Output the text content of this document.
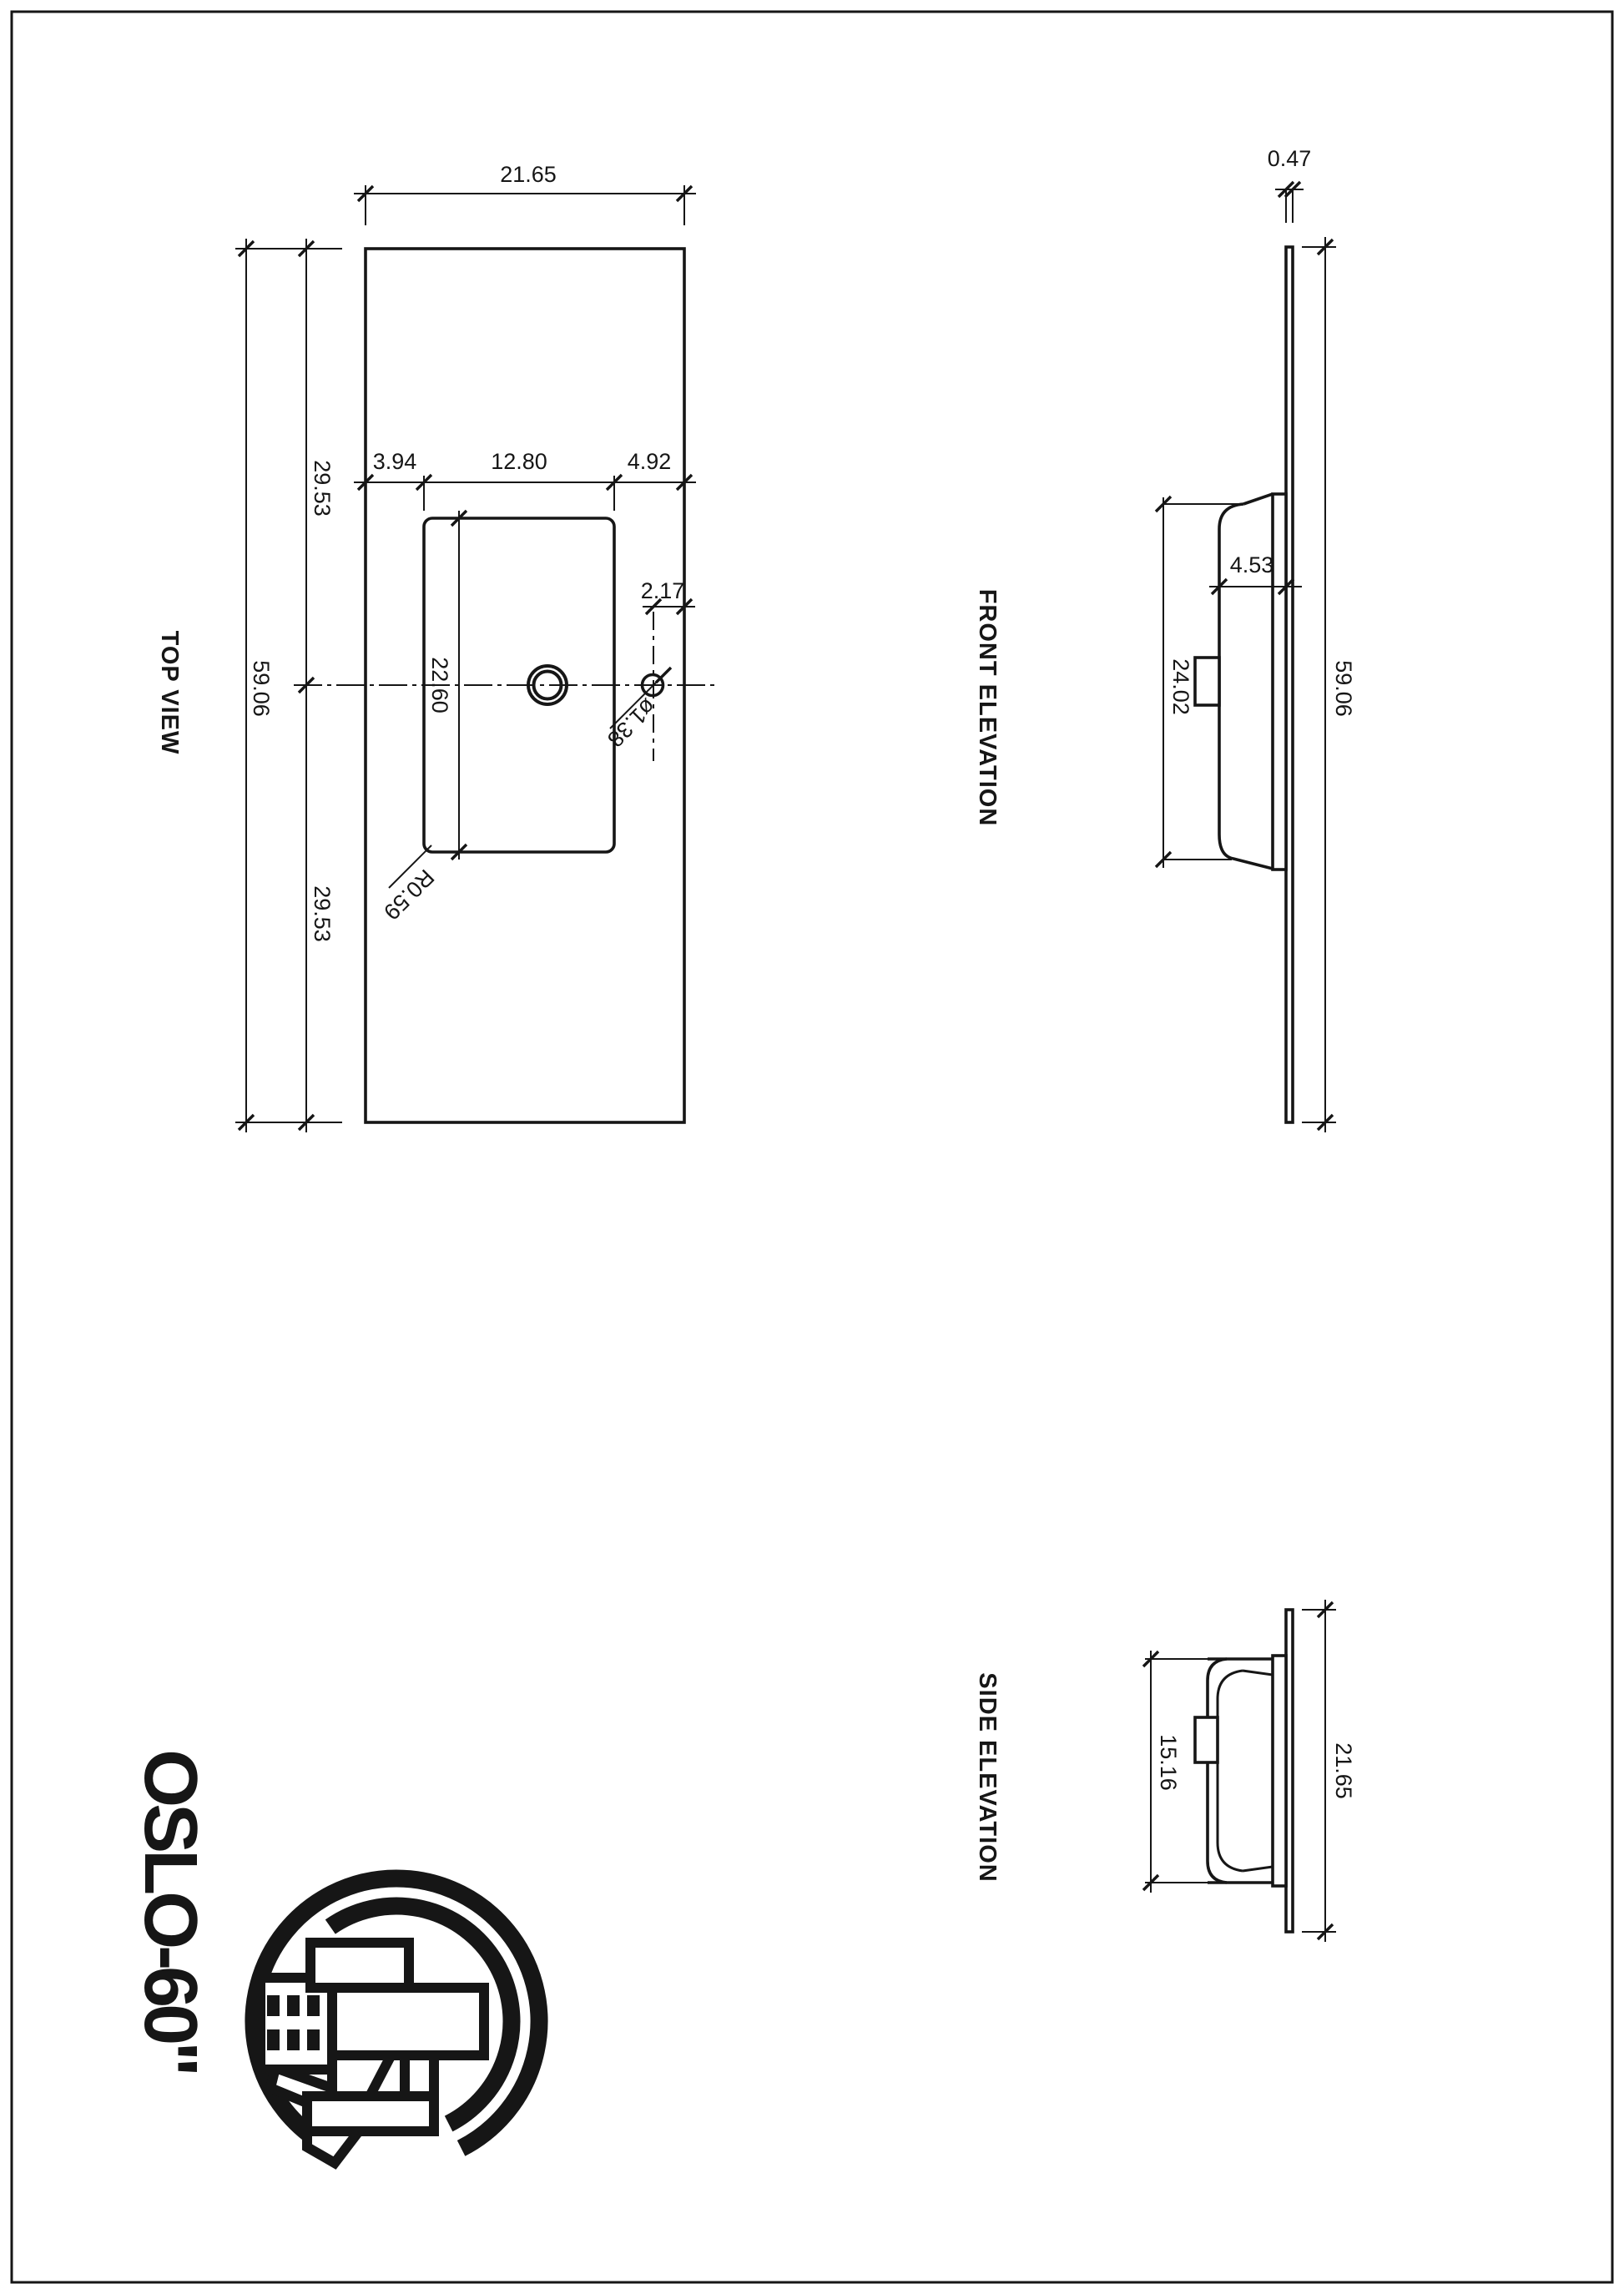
21.65
3.94	12.80	4.92
2.17
59.06
29.53
29.53
22.60
ø1.38
R0.59
TOP VIEW
0.47
4.53
24.02	59.06
FRONT ELEVATION
15.16	21.65
SIDE ELEVATION
OSLO-60"
